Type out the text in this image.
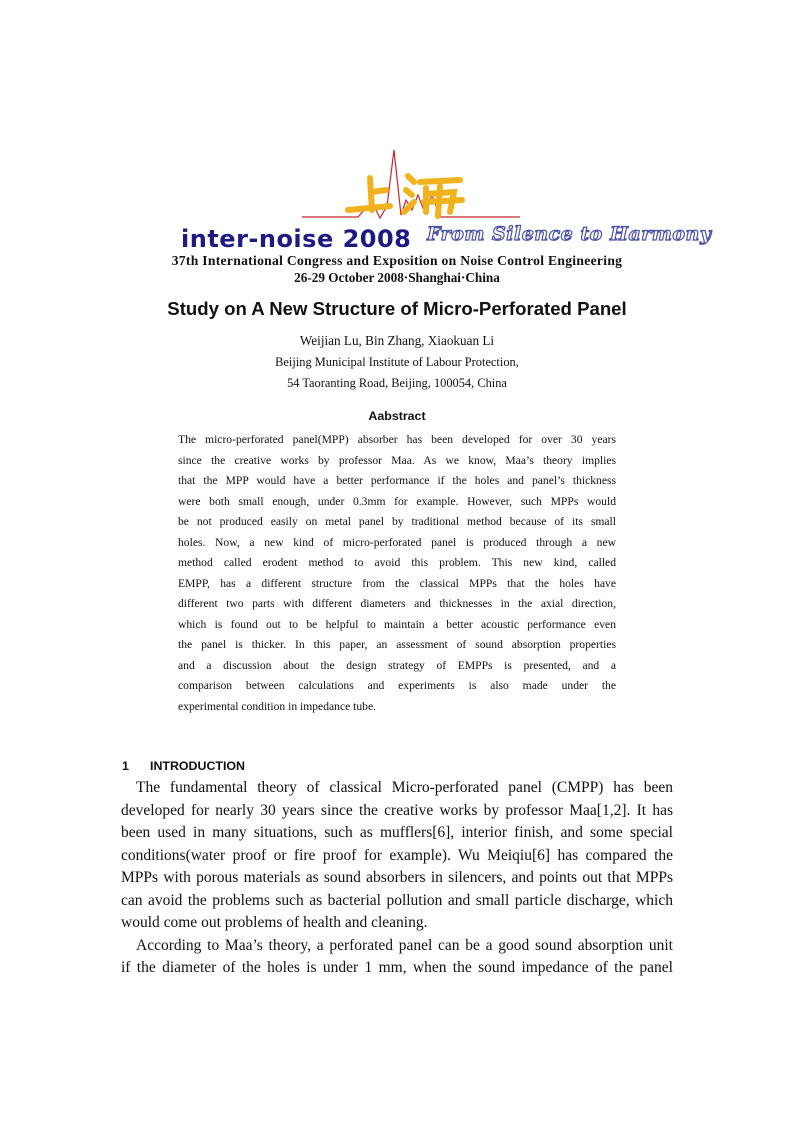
上海
inter-noise 2008 From Silence to Harmony
37th International Congress and Exposition on Noise Control Engineering
26-29 October 2008·Shanghai·China
Study on A New Structure of Micro-Perforated Panel
Weijian Lu, Bin Zhang, Xiaokuan Li
Beijing Municipal Institute of Labour Protection,
54 Taoranting Road, Beijing, 100054, China
Aabstract
The micro-perforated panel(MPP) absorber has been developed for over 30 years
since the creative works by professor Maa. As we know, Maa’s theory implies
that the MPP would have a better performance if the holes and panel’s thickness
were both small enough, under 0.3mm for example. However, such MPPs would
be not produced easily on metal panel by traditional method because of its small
holes. Now, a new kind of micro-perforated panel is produced through a new
method called erodent method to avoid this problem. This new kind, called
EMPP, has a different structure from the classical MPPs that the holes have
different two parts with different diameters and thicknesses in the axial direction,
which is found out to be helpful to maintain a better acoustic performance even
the panel is thicker. In this paper, an assessment of sound absorption properties
and a discussion about the design strategy of EMPPs is presented, and a
comparison between calculations and experiments is also made under the
experimental condition in impedance tube.
1 INTRODUCTION
The fundamental theory of classical Micro-perforated panel (CMPP) has been
developed for nearly 30 years since the creative works by professor Maa[1,2]. It has
been used in many situations, such as mufflers[6], interior finish, and some special
conditions(water proof or fire proof for example). Wu Meiqiu[6] has compared the
MPPs with porous materials as sound absorbers in silencers, and points out that MPPs
can avoid the problems such as bacterial pollution and small particle discharge, which
would come out problems of health and cleaning.
According to Maa’s theory, a perforated panel can be a good sound absorption unit
if the diameter of the holes is under 1 mm, when the sound impedance of the panel
